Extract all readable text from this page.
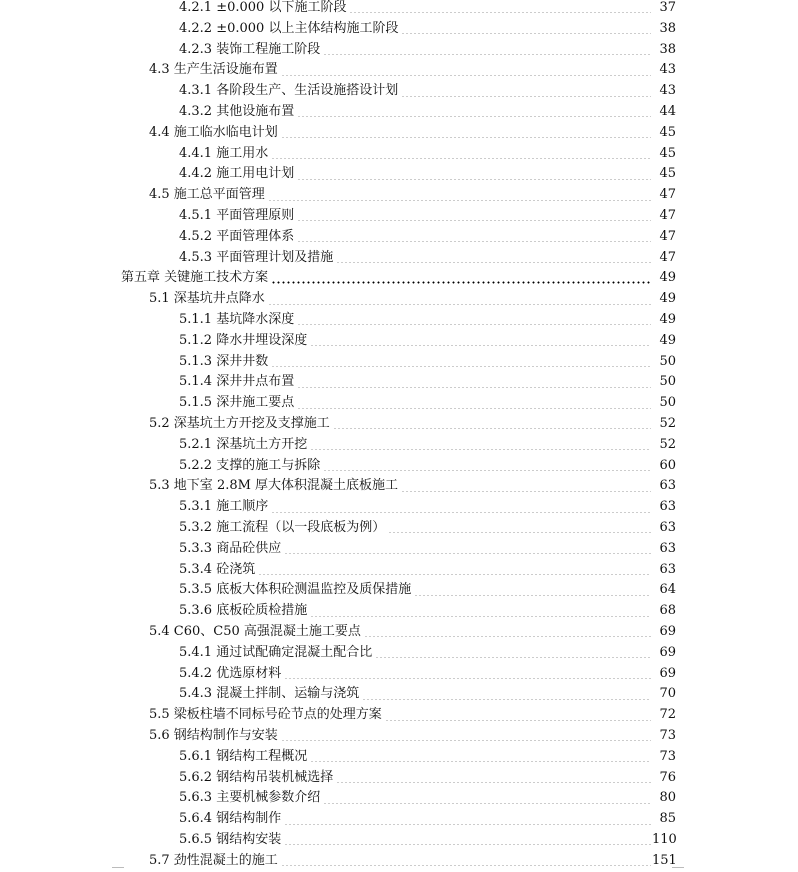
4.2.1 ±0.000 以下施工阶段	37
4.2.2 ±0.000 以上主体结构施工阶段	38
4.2.3 装饰工程施工阶段	38
4.3 生产生活设施布置	43
4.3.1 各阶段生产、生活设施搭设计划	43
4.3.2 其他设施布置	44
4.4 施工临水临电计划	45
4.4.1 施工用水	45
4.4.2 施工用电计划	45
4.5 施工总平面管理	47
4.5.1 平面管理原则	47
4.5.2 平面管理体系	47
4.5.3 平面管理计划及措施	47
第五章 关键施工技术方案	49
5.1 深基坑井点降水	49
5.1.1 基坑降水深度	49
5.1.2 降水井埋设深度	49
5.1.3 深井井数	50
5.1.4 深井井点布置	50
5.1.5 深井施工要点	50
5.2 深基坑土方开挖及支撑施工	52
5.2.1 深基坑土方开挖	52
5.2.2 支撑的施工与拆除	60
5.3 地下室 2.8M 厚大体积混凝土底板施工	63
5.3.1 施工顺序	63
5.3.2 施工流程（以一段底板为例）	63
5.3.3 商品砼供应	63
5.3.4 砼浇筑	63
5.3.5 底板大体积砼测温监控及质保措施	64
5.3.6 底板砼质检措施	68
5.4 C60、C50 高强混凝土施工要点	69
5.4.1 通过试配确定混凝土配合比	69
5.4.2 优选原材料	69
5.4.3 混凝土拌制、运输与浇筑	70
5.5 梁板柱墙不同标号砼节点的处理方案	72
5.6 钢结构制作与安装	73
5.6.1 钢结构工程概况	73
5.6.2 钢结构吊装机械选择	76
5.6.3 主要机械参数介绍	80
5.6.4 钢结构制作	85
5.6.5 钢结构安装	110
5.7 劲性混凝土的施工	151
